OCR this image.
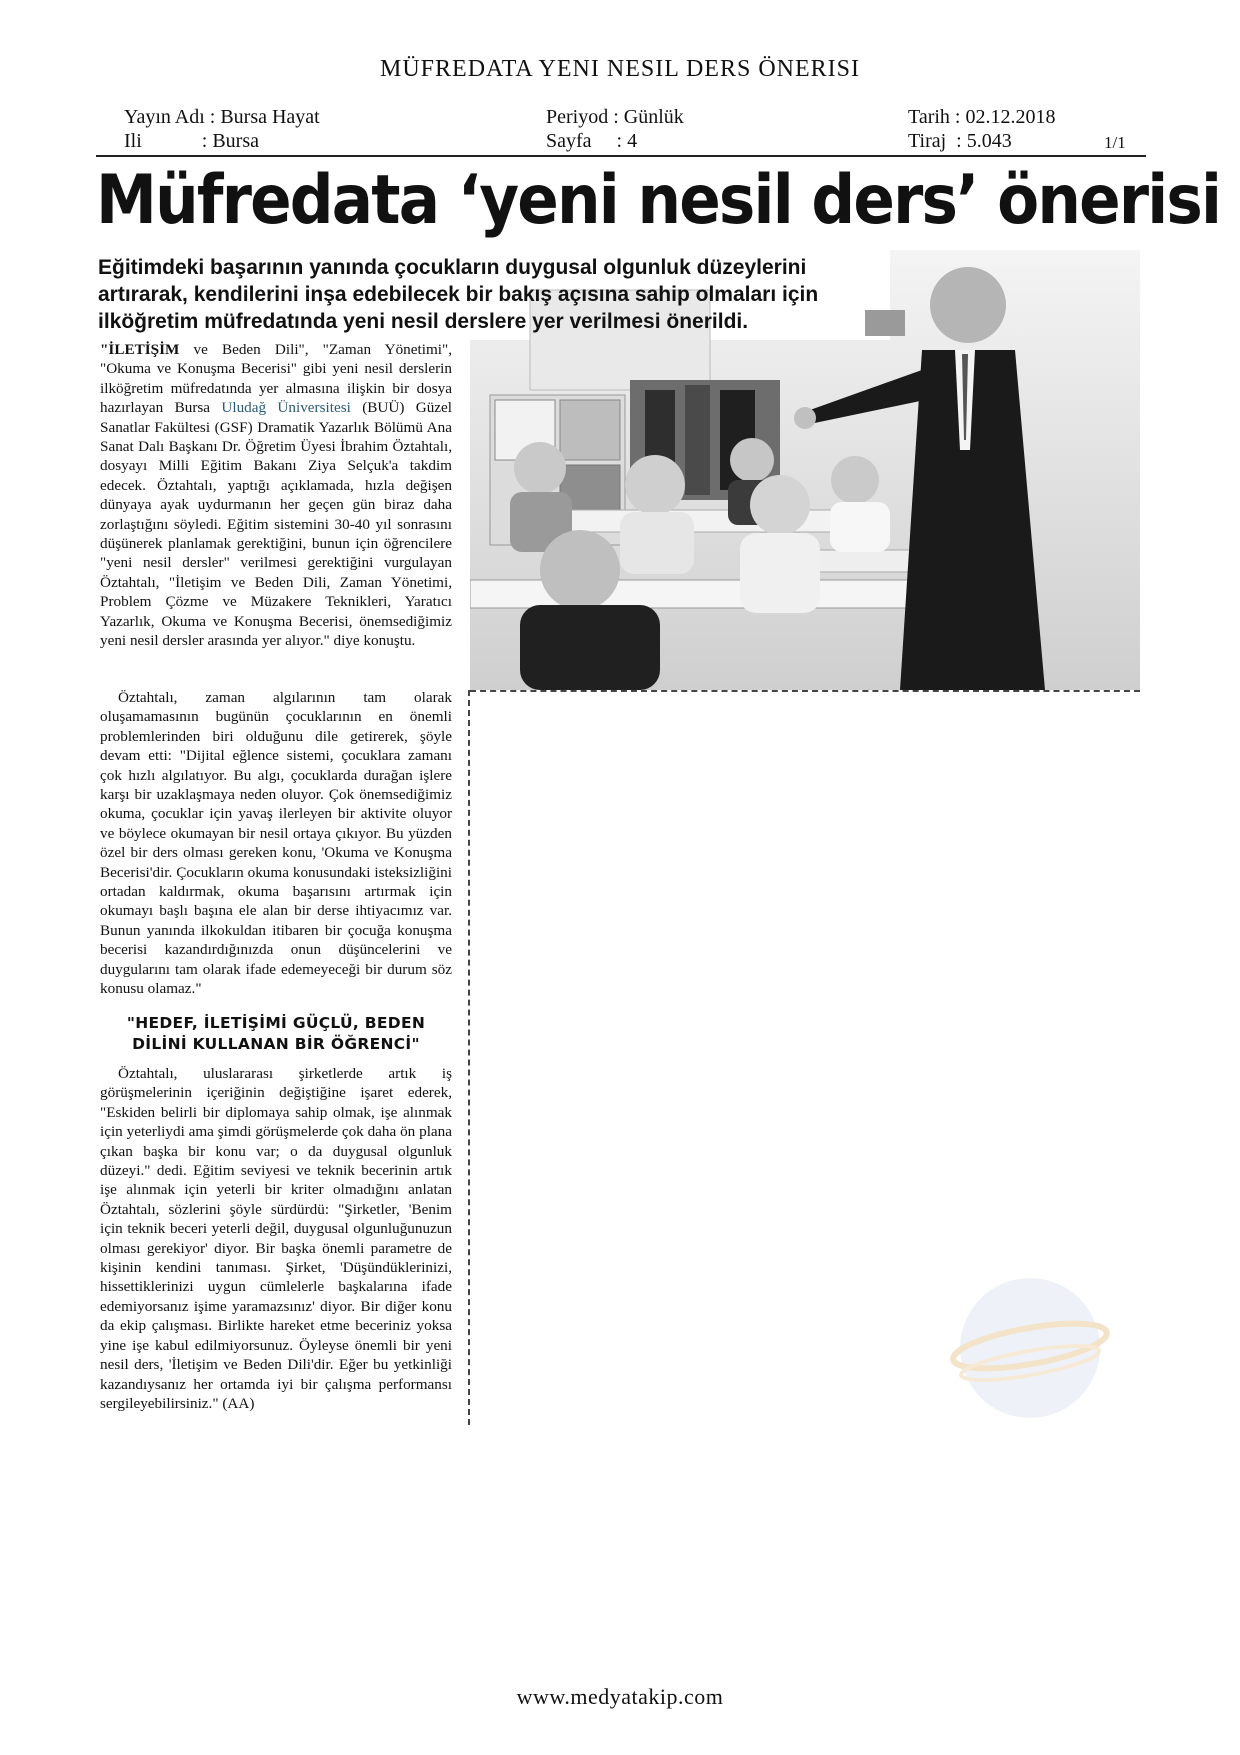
MÜFREDATA YENI NESIL DERS ÖNERISI
Yayın Adı : Bursa Hayat
Ili            : Bursa
Periyod : Günlük
Sayfa     : 4
Tarih : 02.12.2018
Tiraj  : 5.043	1/1
Müfredata ‘yeni nesil ders’ önerisi
Eğitimdeki başarının yanında çocukların duygusal olgunluk düzeylerini artırarak, kendilerini inşa edebilecek bir bakış açısına sahip olmaları için ilköğretim müfredatında yeni nesil derslere yer verilmesi önerildi.

"İLETİŞİM ve Beden Dili", "Zaman Yönetimi", "Okuma ve Konuşma Becerisi" gibi yeni nesil derslerin ilköğretim müfredatında yer almasına ilişkin bir dosya hazırlayan Bursa Uludağ Üniversitesi (BUÜ) Güzel Sanatlar Fakültesi (GSF) Dramatik Yazarlık Bölümü Ana Sanat Dalı Başkanı Dr. Öğretim Üyesi İbrahim Öztahtalı, dosyayı Milli Eğitim Bakanı Ziya Selçuk'a takdim edecek. Öztahtalı, yaptığı açıklamada, hızla değişen dünyaya ayak uydurmanın her geçen gün biraz daha zorlaştığını söyledi. Eğitim sistemini 30-40 yıl sonrasını düşünerek planlamak gerektiğini, bunun için öğrencilere "yeni nesil dersler" verilmesi gerektiğini vurgulayan Öztahtalı, "İletişim ve Beden Dili, Zaman Yönetimi, Problem Çözme ve Müzakere Teknikleri, Yaratıcı Yazarlık, Okuma ve Konuşma Becerisi, önemsediğimiz yeni nesil dersler arasında yer alıyor." diye konuştu.

Öztahtalı, zaman algılarının tam olarak oluşamamasının bugünün çocuklarının en önemli problemlerinden biri olduğunu dile getirerek, şöyle devam etti: "Dijital eğlence sistemi, çocuklara zamanı çok hızlı algılatıyor. Bu algı, çocuklarda durağan işlere karşı bir uzaklaşmaya neden oluyor. Çok önemsediğimiz okuma, çocuklar için yavaş ilerleyen bir aktivite oluyor ve böylece okumayan bir nesil ortaya çıkıyor. Bu yüzden özel bir ders olması gereken konu, 'Okuma ve Konuşma Becerisi'dir. Çocukların okuma konusundaki isteksizliğini ortadan kaldırmak, okuma başarısını artırmak için okumayı başlı başına ele alan bir derse ihtiyacımız var. Bunun yanında ilkokuldan itibaren bir çocuğa konuşma becerisi kazandırdığınızda onun düşüncelerini ve duygularını tam olarak ifade edemeyeceği bir durum söz konusu olamaz."

"HEDEF, İLETİŞİMİ GÜÇLÜ, BEDEN DİLİNİ KULLANAN BİR ÖĞRENCİ"

Öztahtalı, uluslararası şirketlerde artık iş görüşmelerinin içeriğinin değiştiğine işaret ederek, "Eskiden belirli bir diplomaya sahip olmak, işe alınmak için yeterliydi ama şimdi görüşmelerde çok daha ön plana çıkan başka bir konu var; o da duygusal olgunluk düzeyi." dedi. Eğitim seviyesi ve teknik becerinin artık işe alınmak için yeterli bir kriter olmadığını anlatan Öztahtalı, sözlerini şöyle sürdürdü: "Şirketler, 'Benim için teknik beceri yeterli değil, duygusal olgunluğunuzun olması gerekiyor' diyor. Bir başka önemli parametre de kişinin kendini tanıması. Şirket, 'Düşündüklerinizi, hissettiklerinizi uygun cümlelerle başkalarına ifade edemiyorsanız işime yaramazsınız' diyor. Bir diğer konu da ekip çalışması. Birlikte hareket etme beceriniz yoksa yine işe kabul edilmiyorsunuz. Öyleyse önemli bir yeni nesil ders, 'İletişim ve Beden Dili'dir. Eğer bu yetkinliği kazandıysanız her ortamda iyi bir çalışma performansı sergileyebilirsiniz." (AA)

www.medyatakip.com
